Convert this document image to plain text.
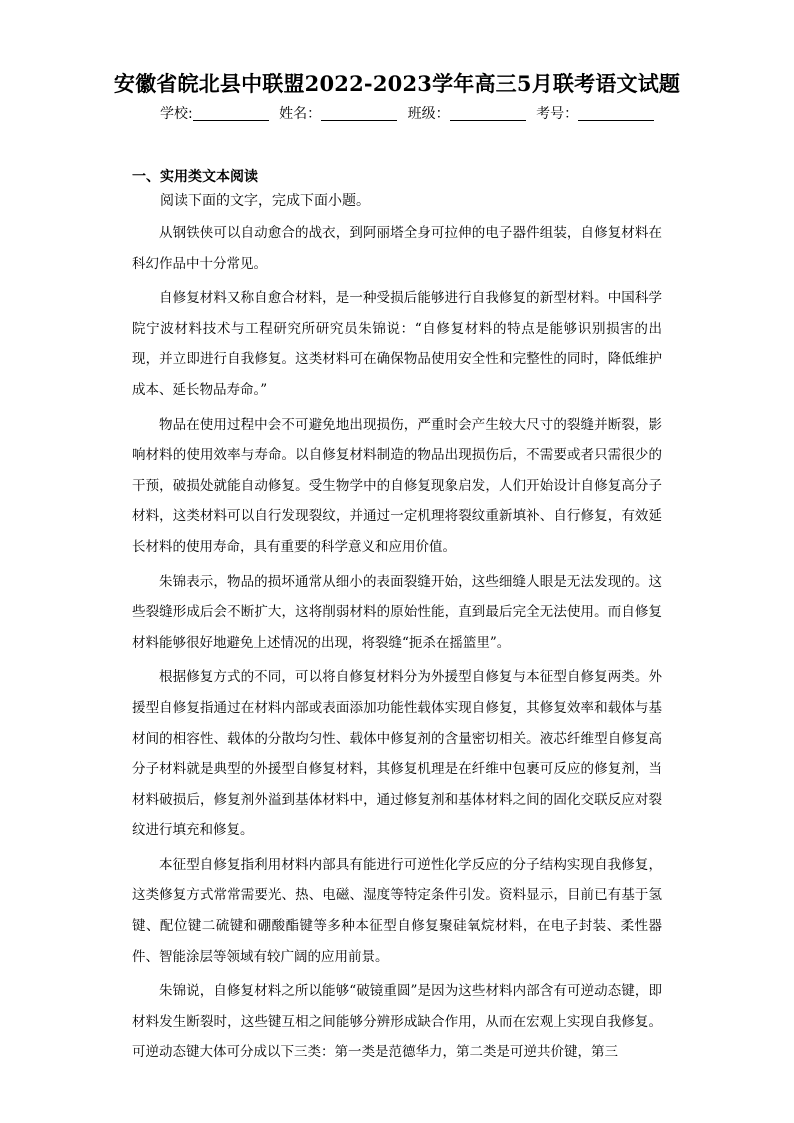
安徽省皖北县中联盟2022-2023学年高三5月联考语文试题
学校:	姓名：	班级：	考号：
一、实用类文本阅读
阅读下面的文字，完成下面小题。

从钢铁侠可以自动愈合的战衣，到阿丽塔全身可拉伸的电子器件组装，自修复材料在科幻作品中十分常见。

自修复材料又称自愈合材料，是一种受损后能够进行自我修复的新型材料。中国科学院宁波材料技术与工程研究所研究员朱锦说：“自修复材料的特点是能够识别损害的出现，并立即进行自我修复。这类材料可在确保物品使用安全性和完整性的同时，降低维护成本、延长物品寿命。”

物品在使用过程中会不可避免地出现损伤，严重时会产生较大尺寸的裂缝并断裂，影响材料的使用效率与寿命。以自修复材料制造的物品出现损伤后，不需要或者只需很少的干预，破损处就能自动修复。受生物学中的自修复现象启发，人们开始设计自修复高分子材料，这类材料可以自行发现裂纹，并通过一定机理将裂纹重新填补、自行修复，有效延长材料的使用寿命，具有重要的科学意义和应用价值。

朱锦表示，物品的损坏通常从细小的表面裂缝开始，这些细缝人眼是无法发现的。这些裂缝形成后会不断扩大，这将削弱材料的原始性能，直到最后完全无法使用。而自修复材料能够很好地避免上述情况的出现，将裂缝“扼杀在摇篮里”。

根据修复方式的不同，可以将自修复材料分为外援型自修复与本征型自修复两类。外援型自修复指通过在材料内部或表面添加功能性载体实现自修复，其修复效率和载体与基材间的相容性、载体的分散均匀性、载体中修复剂的含量密切相关。液芯纤维型自修复高分子材料就是典型的外援型自修复材料，其修复机理是在纤维中包裹可反应的修复剂，当材料破损后，修复剂外溢到基体材料中，通过修复剂和基体材料之间的固化交联反应对裂纹进行填充和修复。

本征型自修复指利用材料内部具有能进行可逆性化学反应的分子结构实现自我修复，这类修复方式常常需要光、热、电磁、湿度等特定条件引发。资料显示，目前已有基于氢键、配位键二硫键和硼酸酯键等多种本征型自修复聚硅氧烷材料，在电子封装、柔性器件、智能涂层等领域有较广阔的应用前景。

朱锦说，自修复材料之所以能够“破镜重圆”是因为这些材料内部含有可逆动态键，即材料发生断裂时，这些键互相之间能够分辨形成缺合作用，从而在宏观上实现自我修复。可逆动态键大体可分成以下三类：第一类是范德华力，第二类是可逆共价键，第三
